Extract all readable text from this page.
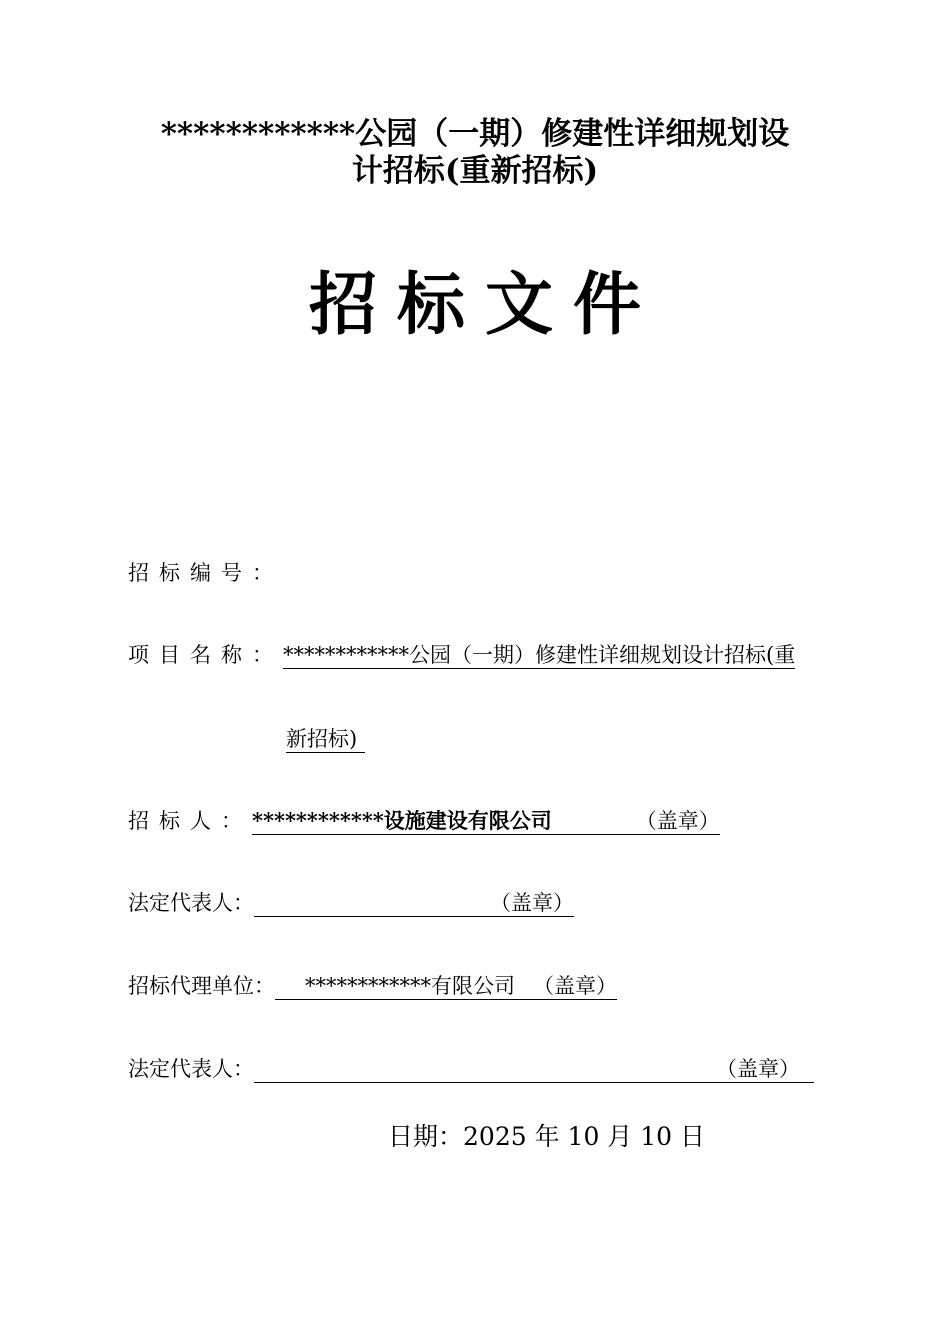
************公园（一期）修建性详细规划设
计招标(重新招标)
招标文件
招标编号：
项目名称：************公园（一期）修建性详细规划设计招标(重
新招标)
招标人：************设施建设有限公司	（盖章）
法定代表人：	（盖章）
招标代理单位： ************有限公司 （盖章）
法定代表人：	（盖章）
日期：2025 年 10 月 10 日
